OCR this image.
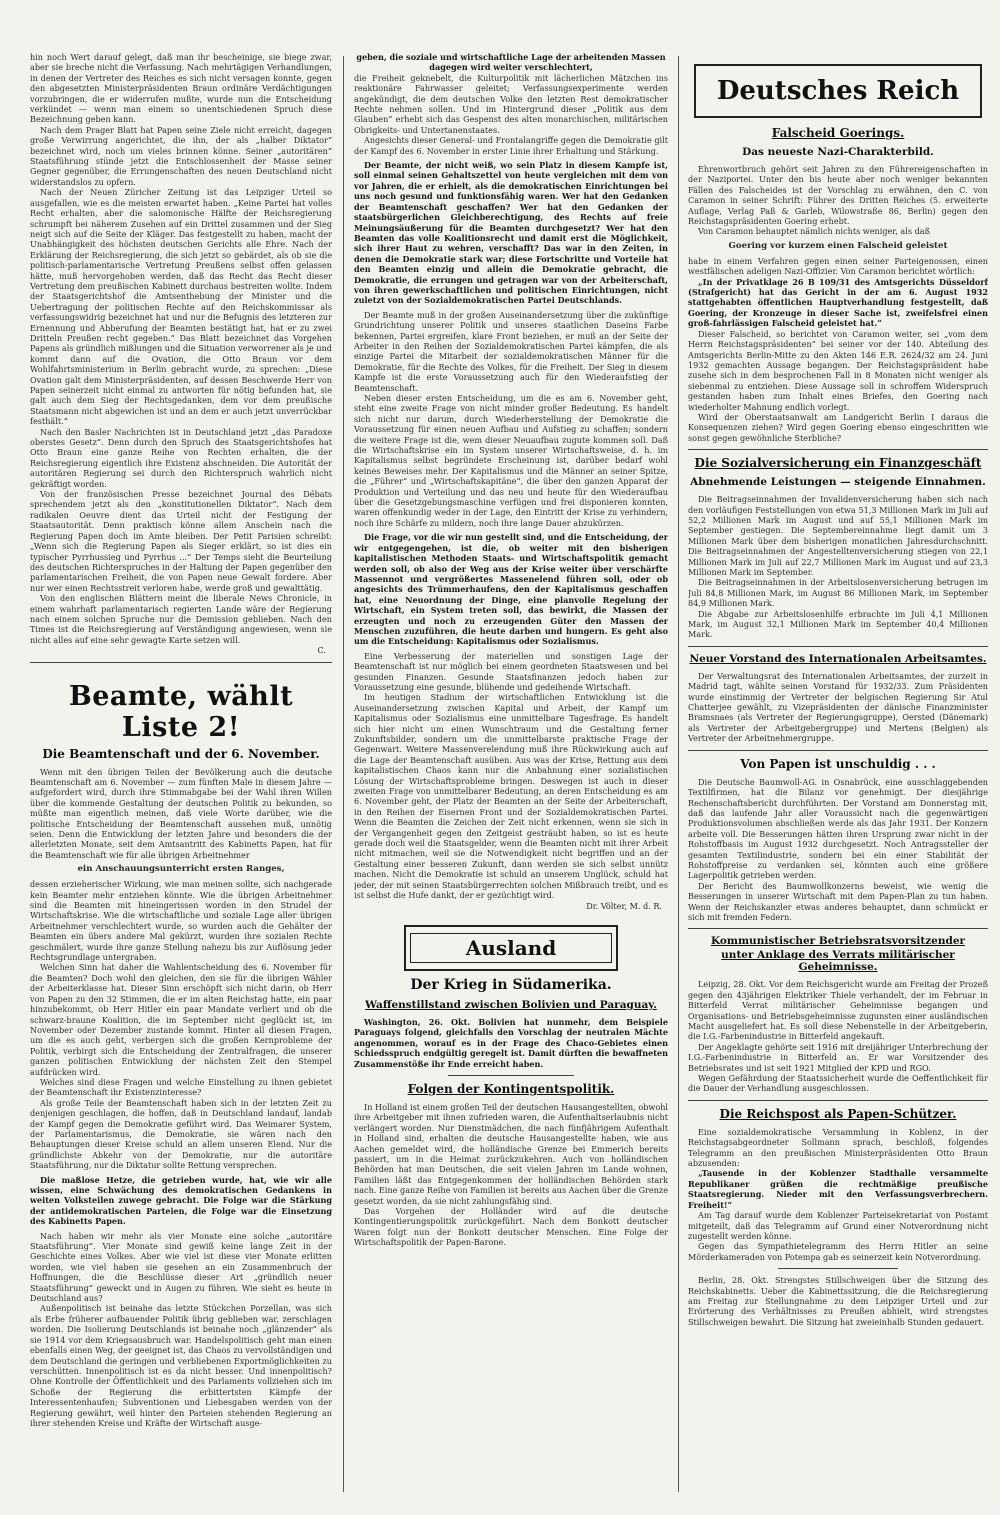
hin noch Wert darauf gelegt, daß man ihr bescheinige, sie biege zwar, aber sie breche nicht die Verfassung. Nach mehrtägigen Verhandlungen, in denen der Vertreter des Reiches es sich nicht versagen konnte, gegen den abgesetzten Ministerpräsidenten Braun ordinäre Verdächtigungen vorzubringen, die er widerrufen mußte, wurde nun die Entscheidung verkündet — wenn man einem so unentschiedenen Spruch diese Bezeichnung geben kann.

Nach dem Prager Blatt hat Papen seine Ziele nicht erreicht, dagegen große Verwirrung angerichtet, die ihn, der als „halber Diktator“ bezeichnet wird, noch um vieles brinnen könne. Seiner „autoritären“ Staatsführung stünde jetzt die Entschlossenheit der Masse seiner Gegner gegenüber, die Errungenschaften des neuen Deutschland nicht widerstandslos zu opfern.

Nach der Neuen Züricher Zeitung ist das Leipziger Urteil so ausgefallen, wie es die meisten erwartet haben. „Keine Partei hat volles Recht erhalten, aber die salomonische Hälfte der Reichsregierung schrumpft bei näherem Zusehen auf ein Drittel zusammen und der Sieg neigt sich auf die Seite der Kläger. Das festgestellt zu haben, macht der Unabhängigkeit des höchsten deutschen Gerichts alle Ehre. Nach der Erklärung der Reichsregierung, die sich jetzt so gebärdet, als ob sie die politisch-parlamentarische Vertretung Preußens selbst offen gelassen hätte, muß hervorgehoben werden, daß das Recht das Recht dieser Vertretung dem preußischen Kabinett durchaus bestreiten wollte. Indem der Staatsgerichtshof die Amtsenthebung der Minister und die Uebertragung der politischen Rechte auf den Reichskommissar als verfassungswidrig bezeichnet hat und nur die Befugnis des letzteren zur Ernennung und Abberufung der Beamten bestätigt hat, hat er zu zwei Dritteln Preußen recht gegeben.“ Das Blatt bezeichnet das Vorgehen Papens als gründlich mißlungen und die Situation verworrener als je und kommt dann auf die Ovation, die Otto Braun vor dem Wohlfahrtsministerium in Berlin gebracht wurde, zu sprechen: „Diese Ovation galt dem Ministerpräsidenten, auf dessen Beschwerde Herr von Papen seinerzeit nicht einmal zu antworten für nötig befunden hat, sie galt auch dem Sieg der Rechtsgedanken, dem vor dem preußische Staatsmann nicht abgewichen ist und an dem er auch jetzt unverrückbar festhält.“

Nach den Basler Nachrichten ist in Deutschland jetzt „das Paradoxe oberstes Gesetz“. Denn durch den Spruch des Staatsgerichtshofes hat Otto Braun eine ganze Reihe von Rechten erhalten, die der Reichsregierung eigentlich ihre Existenz abschneiden. Die Autorität der autoritären Regierung sei durch den Richterspruch wahrlich nicht gekräftigt worden.

Von der französischen Presse bezeichnet Journal des Débats sprechendem jetzt als den „konstitutionellen Diktator“. Nach dem radikalen Oeuvre dient das Urteil nicht der Festigung der Staatsautorität. Denn praktisch könne allem Anschein nach die Regierung Papen doch im Amte bleiben. Der Petit Parisien schreibt: „Wenn sich die Regierung Papen als Sieger erklärt, so ist dies ein typischer Pyrrhussieg und Pyrrhus ...“ Der Temps sieht die Beurteilung des deutschen Richterspruches in der Haltung der Papen gegenüber den parlamentarischen Freiheit, die von Papen neue Gewalt fordere. Aber nur wer einen Rechtsstreit verloren habe, werde groß und gewalttätig.

Von den englischen Blättern meint die liberale News Chronicle, in einem wahrhaft parlamentarisch regierten Lande wäre der Regierung nach einem solchen Spruche nur die Demission geblieben. Nach den Times ist die Reichsregierung auf Verständigung angewiesen, wenn sie nicht alles auf eine sehr gewagte Karte setzen will.

C.
Beamte, wählt Liste 2!
Die Beamtenschaft und der 6. November.

Wenn mit den übrigen Teilen der Bevölkerung auch die deutsche Beamtenschaft am 6. November — zum fünften Male in diesem Jahre — aufgefordert wird, durch ihre Stimmabgabe bei der Wahl ihren Willen über die kommende Gestaltung der deutschen Politik zu bekunden, so müßte man eigentlich meinen, daß viele Worte darüber, wie die politische Entscheidung der Beamtenschaft aussehen muß, unnötig seien. Denn die Entwicklung der letzten Jahre und besonders die der allerletzten Monate, seit dem Amtsantritt des Kabinetts Papen, hat für die Beamtenschaft wie für alle übrigen Arbeitnehmer

ein Anschauungsunterricht ersten Ranges,

dessen erzieherischer Wirkung, wie man meinen sollte, sich nachgerade kein Beamter mehr entziehen könnte. Wie die übrigen Arbeitnehmer sind die Beamten mit hineingerissen worden in den Strudel der Wirtschaftskrise. Wie die wirtschaftliche und soziale Lage aller übrigen Arbeitnehmer verschlechtert wurde, so wurden auch die Gehälter der Beamten ein übers andere Mal gekürzt, wurden ihre sozialen Rechte geschmälert, wurde ihre ganze Stellung nahezu bis zur Auflösung jeder Rechtsgrundlage untergraben.

Welchen Sinn hat daher die Wahlentscheidung des 6. November für die Beamten? Doch wohl den gleichen, den sie für die übrigen Wähler der Arbeiterklasse hat. Dieser Sinn erschöpft sich nicht darin, ob Herr von Papen zu den 32 Stimmen, die er im alten Reichstag hatte, ein paar hinzubekommt, ob Herr Hitler ein paar Mandate verliert und ob die schwarz-braune Koalition, die im September nicht geglückt ist, im November oder Dezember zustande kommt. Hinter all diesen Fragen, um die es auch geht, verbergen sich die großen Kernprobleme der Politik, verbirgt sich die Entscheidung der Zentralfragen, die unserer ganzen politischen Entwicklung der nächsten Zeit den Stempel aufdrücken wird.

Welches sind diese Fragen und welche Einstellung zu ihnen gebietet der Beamtenschaft ihr Existenzinteresse?

Als große Teile der Beamtenschaft haben sich in der letzten Zeit zu denjenigen geschlagen, die hoffen, daß in Deutschland landauf, landab der Kampf gegen die Demokratie geführt wird. Das Weimarer System, der Parlamentarismus, die Demokratie, sie wären nach den Behauptungen dieser Kreise schuld an allem unseren Elend. Nur die gründlichste Abkehr von der Demokratie, nur die autoritäre Staatsführung, nur die Diktatur sollte Rettung versprechen.

Die maßlose Hetze, die getrieben wurde, hat, wie wir alle wissen, eine Schwächung des demokratischen Gedankens in weiten Volksteilen zuwege gebracht. Die Folge war die Stärkung der antidemokratischen Parteien, die Folge war die Einsetzung des Kabinetts Papen.

Nach haben wir mehr als vier Monate eine solche „autoritäre Staatsführung“. Vier Monate sind gewiß keine lange Zeit in der Geschichte eines Volkes. Aber wie viel ist diese vier Monate erlitten worden, wie viel haben sie gesehen an ein Zusammenbruch der Hoffnungen, die die Beschlüsse dieser Art „gründlich neuer Staatsführung“ geweckt und in Augen zu führen. Wie sieht es heute in Deutschland aus?

Außenpolitisch ist beinahe das letzte Stückchen Porzellan, was sich als Erbe früherer aufbauender Politik übrig geblieben war, zerschlagen worden. Die Isolierung Deutschlands ist beinahe noch „glänzender“ als sie 1914 vor dem Kriegsausbruch war. Handelspolitisch geht man einen ebenfalls einen Weg, der geeignet ist, das Chaos zu vervollständigen und dem Deutschland die geringen und verbliebenen Exportmöglichkeiten zu verschütten. Innenpolitisch ist es da nicht besser. Und innenpolitisch? Ohne Kontrolle der Öffentlichkeit und des Parlaments vollziehen sich im Schoße der Regierung die erbittertsten Kämpfe der Interessentenhaufen; Subventionen und Liebesgaben werden von der Regierung gewährt, weil hinter den Parteien stehenden Regierung an ihrer stehenden Kreise und Kräfte der Wirtschaft ausge-

geben, die soziale und wirtschaftliche Lage der arbeitenden Massen dagegen wird weiter verschlechtert,

die Freiheit geknebelt, die Kulturpolitik mit lächerlichen Mätzchen ins reaktionäre Fahrwasser geleitet; Verfassungsexperimente werden angekündigt, die dem deutschen Volke den letzten Rest demokratischer Rechte nehmen sollen. Und im Hintergrund dieser „Politik aus dem Glauben“ erhebt sich das Gespenst des alten monarchischen, militärischen Obrigkeits- und Untertanenstaates.

Angesichts dieser General- und Frontalangriffe gegen die Demokratie gilt der Kampf des 6. November in erster Linie ihrer Erhaltung und Stärkung.

Der Beamte, der nicht weiß, wo sein Platz in diesem Kampfe ist, soll einmal seinen Gehaltszettel von heute vergleichen mit dem von vor Jahren, die er erhielt, als die demokratischen Einrichtungen bei uns noch gesund und funktionsfähig waren. Wer hat den Gedanken der Beamtenschaft geschaffen? Wer hat den Gedanken der staatsbürgerlichen Gleichberechtigung, des Rechts auf freie Meinungsäußerung für die Beamten durchgesetzt? Wer hat den Beamten das volle Koalitionsrecht und damit erst die Möglichkeit, sich ihrer Haut zu wehren, verschafft? Das war in den Zeiten, in denen die Demokratie stark war; diese Fortschritte und Vorteile hat den Beamten einzig und allein die Demokratie gebracht, die Demokratie, die errungen und getragen war von der Arbeiterschaft, von ihren gewerkschaftlichen und politischen Einrichtungen, nicht zuletzt von der Sozialdemokratischen Partei Deutschlands.

Der Beamte muß in der großen Auseinandersetzung über die zukünftige Grundrichtung unserer Politik und unseres staatlichen Daseins Farbe bekennen, Partei ergreifen, klare Front beziehen, er muß an der Seite der Arbeiter in den Reihen der Sozialdemokratischen Partei kämpfen, die als einzige Partei die Mitarbeit der sozialdemokratischen Männer für die Demokratie, für die Rechte des Volkes, für die Freiheit. Der Sieg in diesem Kampfe ist die erste Voraussetzung auch für den Wiederaufstieg der Beamtenschaft.

Neben dieser ersten Entscheidung, um die es am 6. November geht, steht eine zweite Frage von nicht minder großer Bedeutung. Es handelt sich nicht nur darum, durch Wiederherstellung der Demokratie die Voraussetzung für einen neuen Aufbau und Aufstieg zu schaffen; sondern die weitere Frage ist die, wem dieser Neuaufbau zugute kommen soll. Daß die Wirtschaftskrise ein im System unserer Wirtschaftsweise, d. h. im Kapitalismus selbst begründete Erscheinung ist, darüber bedarf wohl keines Beweises mehr. Der Kapitalismus und die Männer an seiner Spitze, die „Führer“ und „Wirtschaftskapitäne“, die über den ganzen Apparat der Produktion und Verteilung und das neu und heute für den Wiederaufbau über die Gesetzgebungsmaschine verfügen und frei disponieren konnten, waren offenkundig weder in der Lage, den Eintritt der Krise zu verhindern, noch ihre Schärfe zu mildern, noch ihre lange Dauer abzukürzen.

Die Frage, vor die wir nun gestellt sind, und die Entscheidung, der wir entgegengehen, ist die, ob weiter mit den bisherigen kapitalistischen Methoden Staats- und Wirtschaftspolitik gemacht werden soll, ob also der Weg aus der Krise weiter über verschärfte Massennot und vergrößertes Massenelend führen soll, oder ob angesichts des Trümmerhaufens, den der Kapitalismus geschaffen hat, eine Neuordnung der Dinge, eine planvolle Regelung der Wirtschaft, ein System treten soll, das bewirkt, die Massen der erzeugten und noch zu erzeugenden Güter den Massen der Menschen zuzuführen, die heute darben und hungern. Es geht also um die Entscheidung: Kapitalismus oder Sozialismus.

Eine Verbesserung der materiellen und sonstigen Lage der Beamtenschaft ist nur möglich bei einem geordneten Staatswesen und bei gesunden Finanzen. Gesunde Staatsfinanzen jedoch haben zur Voraussetzung eine gesunde, blühende und gedeihende Wirtschaft.

Im heutigen Stadium der wirtschaftlichen Entwicklung ist die Auseinandersetzung zwischen Kapital und Arbeit, der Kampf um Kapitalismus oder Sozialismus eine unmittelbare Tagesfrage. Es handelt sich hier nicht um einen Wunschtraum und die Gestaltung ferner Zukunftsbilder, sondern um die unmittelbarste praktische Frage der Gegenwart. Weitere Massenverelendung muß ihre Rückwirkung auch auf die Lage der Beamtenschaft ausüben. Aus was der Krise, Rettung aus dem kapitalistischen Chaos kann nur die Anbahnung einer sozialistischen Lösung der Wirtschaftsprobleme bringen. Deswegen ist auch in dieser zweiten Frage von unmittelbarer Bedeutung, an deren Entscheidung es am 6. November geht, der Platz der Beamten an der Seite der Arbeiterschaft, in den Reihen der Eisernen Front und der Sozialdemokratischen Partei. Wenn die Beamten die Zeichen der Zeit nicht erkennen, wenn sie sich in der Vergangenheit gegen den Zeitgeist gesträubt haben, so ist es heute gerade doch weil die Staatsgelder, wenn die Beamten nicht mit ihrer Arbeit nicht mitmachen, weil sie die Notwendigkeit nicht begriffen und an der Gestaltung einer besseren Zukunft, dann werden sie sich selbst unnütz machen. Nicht die Demokratie ist schuld an unserem Unglück, schuld hat jeder, der mit seinen Staatsbürgerrechten solchen Mißbrauch treibt, und es ist selbst die Hufe dankt, der er gezüchtigt wird.

Dr. Völter, M. d. R.
Ausland
Der Krieg in Südamerika.
Waffenstillstand zwischen Bolivien und Paraguay.

Washington, 26. Okt. Bolivien hat nunmehr, dem Beispiele Paraguays folgend, gleichfalls den Vorschlag der neutralen Mächte angenommen, worauf es in der Frage des Chaco-Gebietes einen Schiedsspruch endgültig geregelt ist. Damit dürften die bewaffneten Zusammenstöße ihr Ende erreicht haben.

Folgen der Kontingentspolitik.

In Holland ist einem großen Teil der deutschen Hausangestellten, obwohl ihre Arbeitgeber mit ihnen zufrieden waren, die Aufenthaltserlaubnis nicht verlängert worden. Nur Dienstmädchen, die nach fünfjährigem Aufenthalt in Holland sind, erhalten die deutsche Hausangestellte haben, wie aus Aachen gemeldet wird, die holländische Grenze bei Emmerich bereits passiert, um in die Heimat zurückzukehren. Auch von holländischen Behörden hat man Deutschen, die seit vielen Jahren im Lande wohnen, Familien läßt das Entgegenkommen der holländischen Behörden stark nach. Eine ganze Reihe von Familien ist bereits aus Aachen über die Grenze gesetzt worden, da sie nicht zahlungsfähig sind.

Das Vorgehen der Holländer wird auf die deutsche Kontingentierungspolitik zurückgeführt. Nach dem Bonkott deutscher Waren folgt nun der Bonkott deutscher Menschen. Eine Folge der Wirtschaftspolitik der Papen-Barone.

Deutsches Reich
Falscheid Goerings.
Das neueste Nazi-Charakterbild.

Ehrenwortbruch gehört seit Jahren zu den Führereigenschaften in der Naziportei. Unter den bis heute aber noch weniger bekannten Fällen des Falscheides ist der Vorschlag zu erwähnen, den C. von Caramon in seiner Schrift: Führer des Dritten Reiches (5. erweiterte Auflage, Verlag Paß & Garleb, Wilowstraße 86, Berlin) gegen den Reichstagspräsidenten Goering erhebt.

Von Caramon behauptet nämlich nichts weniger, als daß

Goering vor kurzem einen Falscheid geleistet

habe in einem Verfahren gegen einen seiner Parteigenossen, einen westfälischen adeligen Nazi-Offizier. Von Caramon berichtet wörtlich:

„In der Privatklage 26 B 109/31 des Amtsgerichts Düsseldorf (Strafgericht) hat das Gericht in der am 6. August 1932 stattgehabten öffentlichen Hauptverhandlung festgestellt, daß Goering, der Kronzeuge in dieser Sache ist, zweifelsfrei einen groß-fahrlässigen Falscheid geleistet hat.“

Dieser Falscheid, so berichtet von Caramon weiter, sei „vom dem Herrn Reichstagspräsidenten“ bei seiner vor der 140. Abteilung des Amtsgerichts Berlin-Mitte zu den Akten 146 E.R. 2624/32 am 24. Juni 1932 gemachten Aussage begangen. Der Reichstagspräsident habe zusehe sich in dem besprochenen Fall in 8 Monaten nicht weniger als siebenmal zu entziehen. Diese Aussage soll in schroffem Widerspruch gestanden haben zum Inhalt eines Briefes, den Goering nach wiederholter Mahnung endlich vorlegt.

Wird der Oberstaatsanwalt am Landgericht Berlin I daraus die Konsequenzen ziehen? Wird gegen Goering ebenso eingeschritten wie sonst gegen gewöhnliche Sterbliche?

Die Sozialversicherung ein Finanzgeschäft
Abnehmende Leistungen — steigende Einnahmen.

Die Beitragseinnahmen der Invalidenversicherung haben sich nach den vorläufigen Feststellungen von etwa 51,3 Millionen Mark im Juli auf 52,2 Millionen Mark im August und auf 55,1 Millionen Mark im September gestiegen. Die Septembereinnahme liegt damit um 3 Millionen Mark über dem bisherigen monatlichen Jahresdurchschnitt. Die Beitragseinnahmen der Angestelltenversicherung stiegen von 22,1 Millionen Mark im Juli auf 22,7 Millionen Mark im August und auf 23,3 Millionen Mark im September.

Die Beitragseinnahmen in der Arbeitslosenversicherung betrugen im Juli 84,8 Millionen Mark, im August 86 Millionen Mark, im September 84,9 Millionen Mark.

Die Abgabe zur Arbeitslosenhilfe erbrachte im Juli 4,1 Millionen Mark, im August 32,1 Millionen Mark im September 40,4 Millionen Mark.

Neuer Vorstand des Internationalen Arbeitsamtes.

Der Verwaltungsrat des Internationalen Arbeitsamtes, der zurzeit in Madrid tagt, wählte seinen Vorstand für 1932/33. Zum Präsidenten wurde einstimmig der Vertreter der belgischen Regierung Sir Atul Chatterjee gewählt, zu Vizepräsidenten der dänische Finanzminister Bramsnaes (als Vertreter der Regierungsgruppe), Oersted (Dänemark) als Vertreter der Arbeitgebergruppe) und Mertens (Belgien) als Vertreter der Arbeitnehmergruppe.

Von Papen ist unschuldig . . .

Die Deutsche Baumwoll-AG. in Osnabrück, eine ausschlaggebenden Textilfirmen, hat die Bilanz vor genehmigt. Der diesjährige Rechenschaftsbericht durchführten. Der Vorstand am Donnerstag mit, daß das laufende Jahr aller Voraussicht nach die gegenwärtigen Produktionsvolumen abschließen werde als das Jahr 1931. Der Konzern arbeite voll. Die Besserungen hätten ihren Ursprung zwar nicht in der Rohstoffbasis im August 1932 durchgesetzt. Noch Antragssteller der gesamten Textilindustrie, sondern bei ein einer Stabilität der Rohstoffpreise zu verdanken sei, könnten auch eine größere Lagerpolitik getrieben werden.

Der Bericht des Baumwollkonzerns beweist, wie wenig die Besserungen in unserer Wirtschaft mit dem Papen-Plan zu tun haben. Wenn der Reichskanzler etwas anderes behauptet, dann schmückt er sich mit fremden Federn.

Kommunistischer Betriebsratsvorsitzender
unter Anklage des Verrats militärischer Geheimnisse.

Leipzig, 28. Okt. Vor dem Reichsgericht wurde am Freitag der Prozeß gegen den 43jährigen Elektriker Thiele verhandelt, der im Februar in Bitterfeld Verrat militärischer Geheimnisse begangen und Organisations- und Betriebsgeheimnisse zugunsten einer ausländischen Macht ausgeliefert hat. Es soll diese Nebenstelle in der Arbeitgeberin, die I.G.-Farbenindustrie in Bitterfeld angekauft.

Der Angeklagte gehörte seit 1916 mit dreijähriger Unterbrechung der I.G.-Farbenindustrie in Bitterfeld an. Er war Vorsitzender des Betriebsrates und ist seit 1921 Mitglied der KPD und RGO.

Wegen Gefährdung der Staatssicherheit wurde die Oeffentlichkeit für die Dauer der Verhandlung ausgeschlossen.

Die Reichspost als Papen-Schützer.

Eine sozialdemokratische Versammlung in Koblenz, in der Reichstagsabgeordneter Sollmann sprach, beschloß, folgendes Telegramm an den preußischen Ministerpräsidenten Otto Braun abzusenden:

„Tausende in der Koblenzer Stadthalle versammelte Republikaner grüßen die rechtmäßige preußische Staatsregierung. Nieder mit den Verfassungsverbrechern. Freiheit!“

Am Tag darauf wurde dem Koblenzer Parteisekretariat von Postamt mitgeteilt, daß das Telegramm auf Grund einer Notverordnung nicht zugestellt werden könne.

Gegen das Sympathietelegramm des Herrn Hitler an seine Mörderkameraden von Potempa gab es seinerzeit kein Notverordnung.

Berlin, 28. Okt. Strengstes Stillschweigen über die Sitzung des Reichskabinetts. Ueber die Kabinettssitzung, die die Reichsregierung am Freitag zur Stellungnahme zu dem Leipziger Urteil und zur Erörterung des Verhältnisses zu Preußen abhielt, wird strengstes Stillschweigen bewahrt. Die Sitzung hat zweieinhalb Stunden gedauert.
